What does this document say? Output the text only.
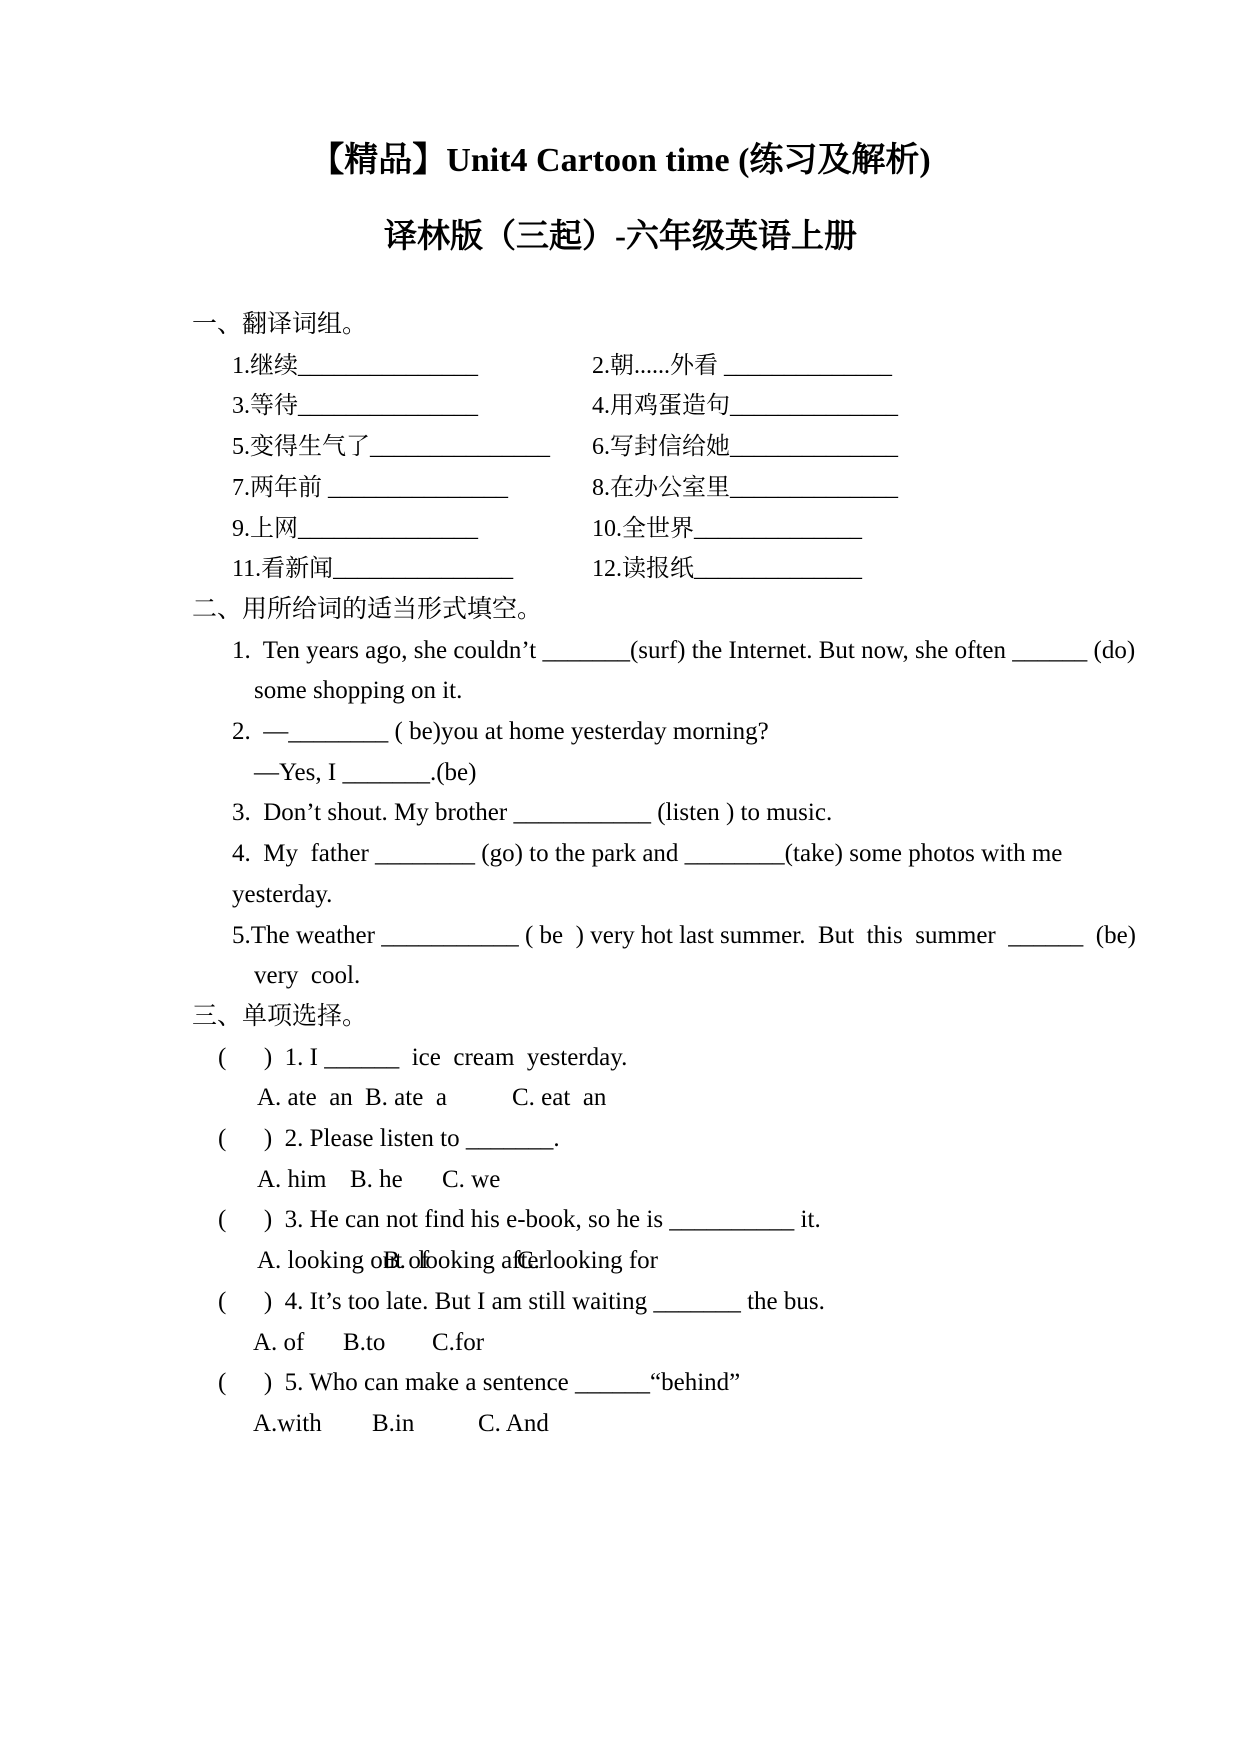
【精品】Unit4 Cartoon time (练习及解析)
译林版（三起）-六年级英语上册
一、翻译词组。
1.继续_______________	2.朝......外看 ______________
3.等待_______________	4.用鸡蛋造句______________
5.变得生气了_______________	6.写封信给她______________
7.两年前 _______________	8.在办公室里______________
9.上网_______________	10.全世界______________
11.看新闻_______________	12.读报纸______________
二、用所给词的适当形式填空。
1.  Ten years ago, she couldn’t _______(surf) the Internet. But now, she often ______ (do)
some shopping on it.
2.  —________ ( be)you at home yesterday morning?
—Yes, I _______.(be)
3.  Don’t shout. My brother ___________ (listen ) to music.
4.  My  father ________ (go) to the park and ________(take) some photos with me
yesterday.
5.The weather ___________ ( be  ) very hot last summer.  But  this  summer  ______  (be)
very  cool.
三、单项选择。
(      )  1. I ______  ice  cream  yesterday.
A. ate  an B. ate  a	C. eat  an
(      )  2. Please listen to _______.
A. him B. he C. we
(      )  3. He can not find his e-book, so he is __________ it.
A. looking out of
B.  looking after
C. looking for
(      )  4. It’s too late. But I am still waiting _______ the bus.
A. of B.to C.for
(      )  5. Who can make a sentence ______“behind”
A.with B.in	C. And
